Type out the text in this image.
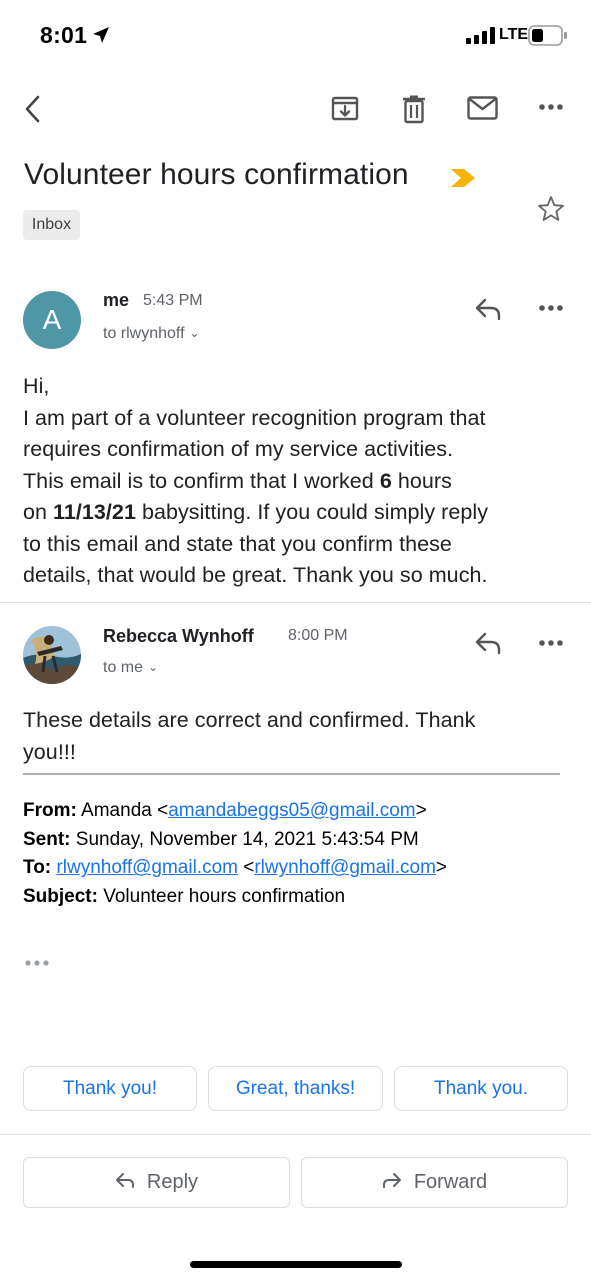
8:01	LTE
Volunteer hours confirmation
Inbox
A
me 5:43 PM
to rlwynhoff ⌄
Hi,
I am part of a volunteer recognition program that
requires confirmation of my service activities.
This email is to confirm that I worked 6 hours
on 11/13/21 babysitting. If you could simply reply
to this email and state that you confirm these
details, that would be great. Thank you so much.
Rebecca Wynhoff 8:00 PM
to me ⌄
These details are correct and confirmed. Thank
you!!!
From: Amanda <amandabeggs05@gmail.com>
Sent: Sunday, November 14, 2021 5:43:54 PM
To: rlwynhoff@gmail.com <rlwynhoff@gmail.com>
Subject: Volunteer hours confirmation
Thank you!	Great, thanks!	Thank you.
Reply	Forward
